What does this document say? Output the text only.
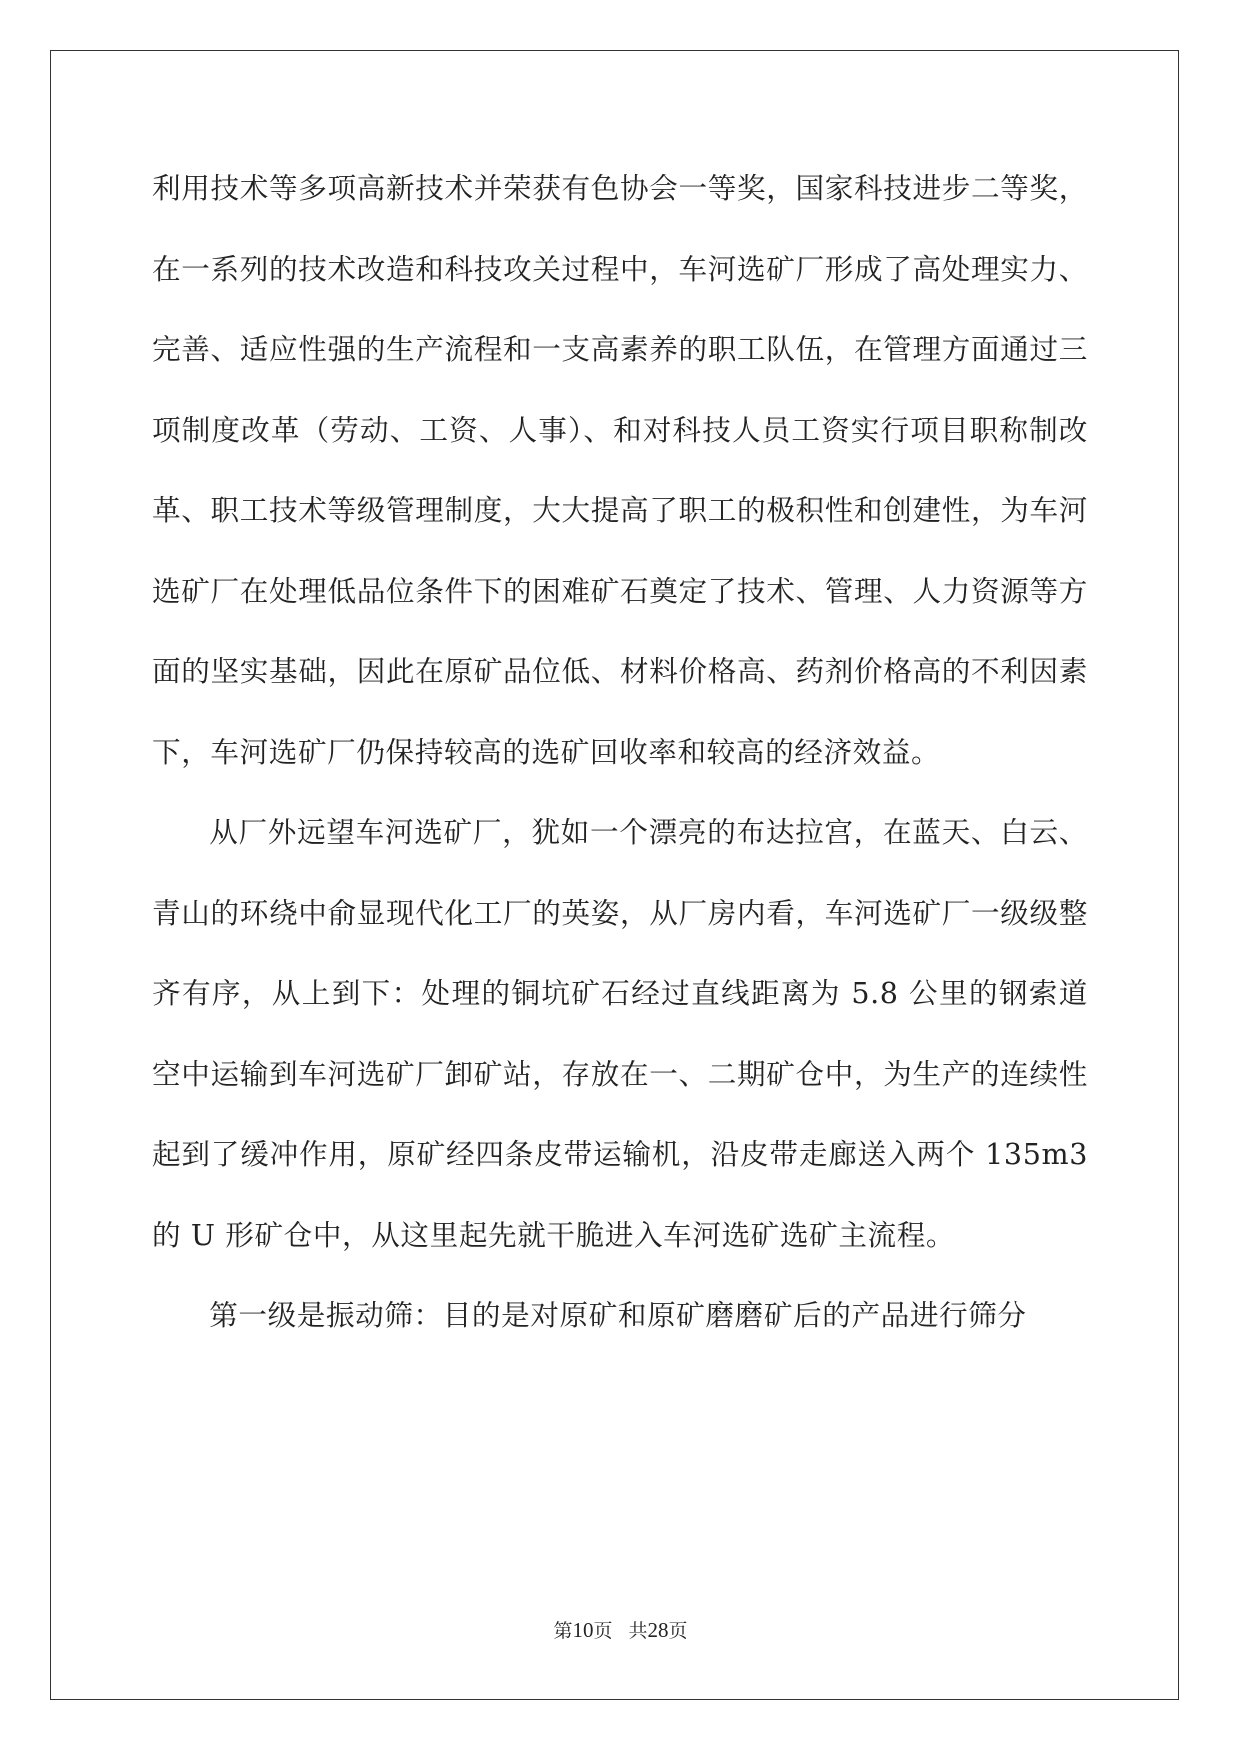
利用技术等多项高新技术并荣获有色协会一等奖，国家科技进步二等奖，在一系列的技术改造和科技攻关过程中，车河选矿厂形成了高处理实力、完善、适应性强的生产流程和一支高素养的职工队伍，在管理方面通过三项制度改革（劳动、工资、人事）、和对科技人员工资实行项目职称制改革、职工技术等级管理制度，大大提高了职工的极积性和创建性，为车河选矿厂在处理低品位条件下的困难矿石奠定了技术、管理、人力资源等方面的坚实基础，因此在原矿品位低、材料价格高、药剂价格高的不利因素下，车河选矿厂仍保持较高的选矿回收率和较高的经济效益。

从厂外远望车河选矿厂，犹如一个漂亮的布达拉宫，在蓝天、白云、青山的环绕中俞显现代化工厂的英姿，从厂房内看，车河选矿厂一级级整齐有序，从上到下：处理的铜坑矿石经过直线距离为 5.8 公里的钢索道空中运输到车河选矿厂卸矿站，存放在一、二期矿仓中，为生产的连续性起到了缓冲作用，原矿经四条皮带运输机，沿皮带走廊送入两个 135m3 的 U 形矿仓中，从这里起先就干脆进入车河选矿选矿主流程。

第一级是振动筛：目的是对原矿和原矿磨磨矿后的产品进行筛分

第10页 共28页
